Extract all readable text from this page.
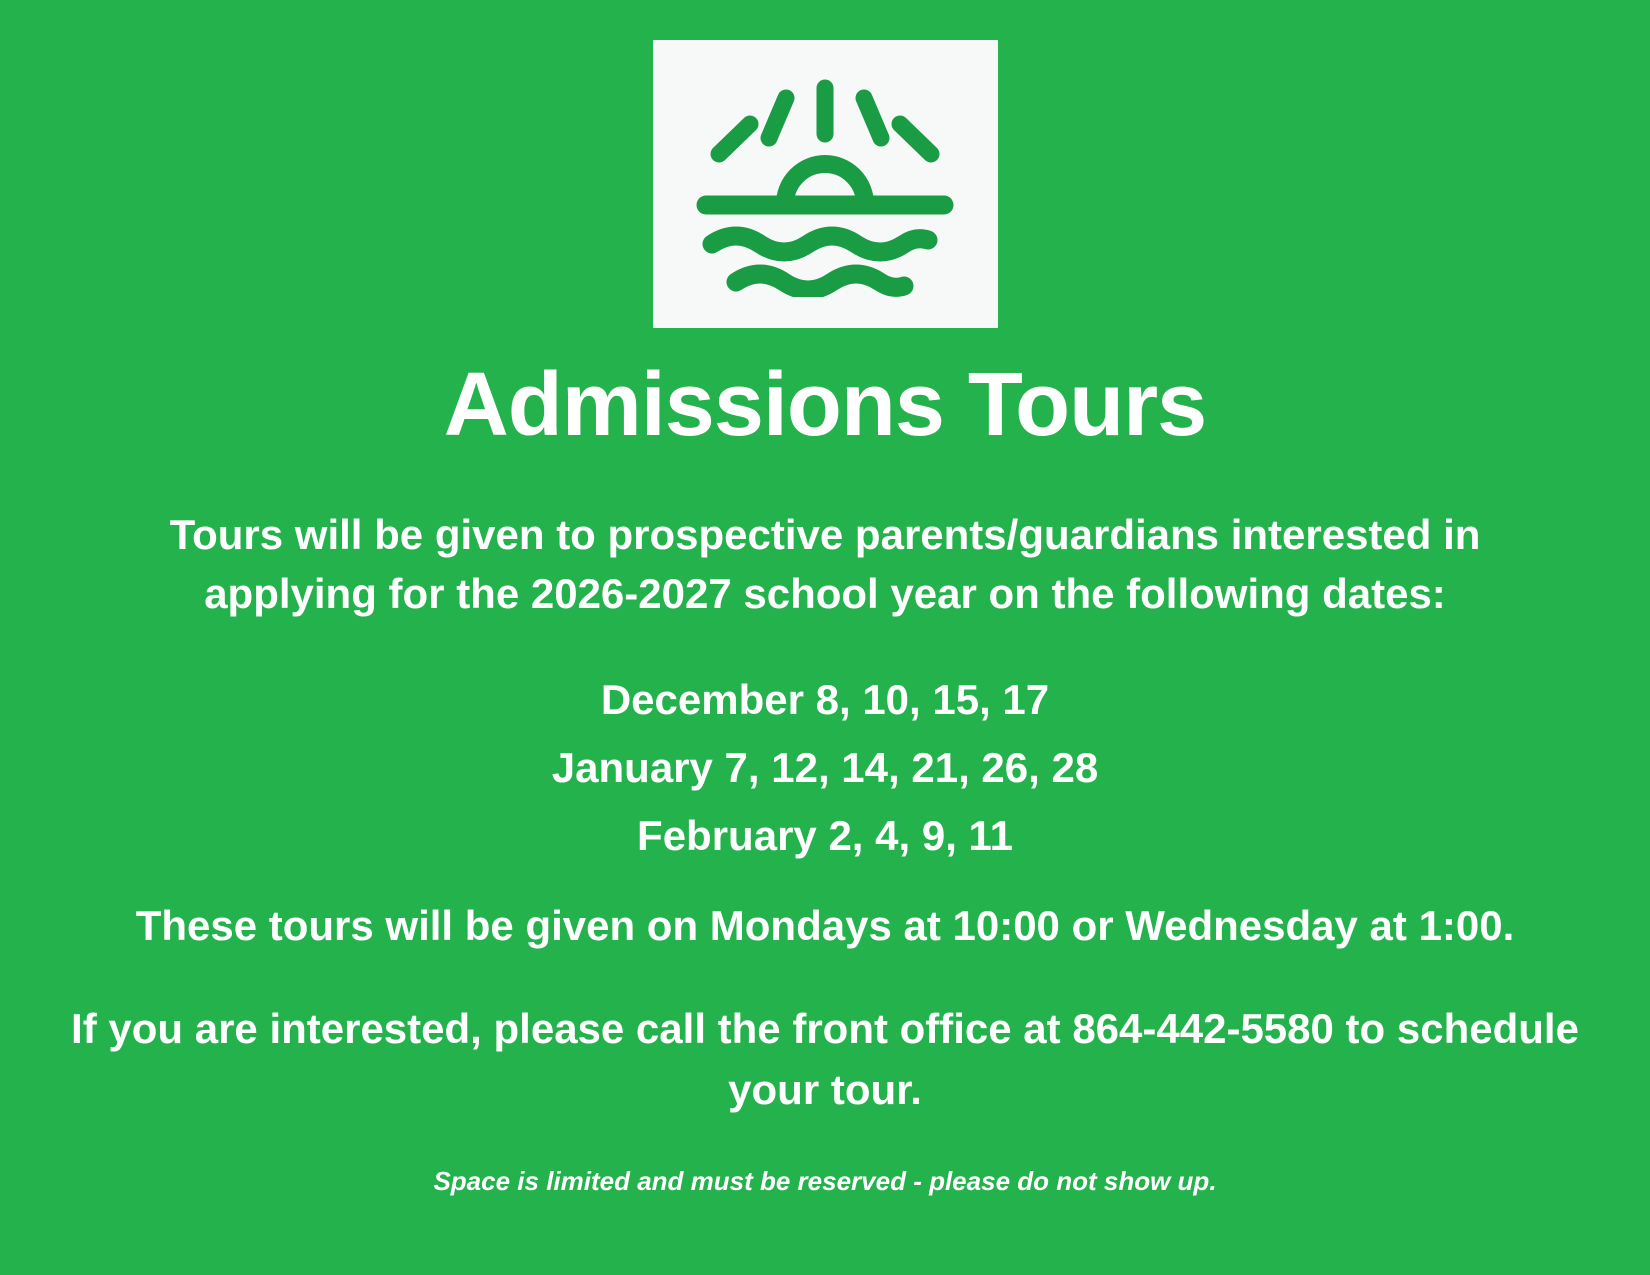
Admissions Tours

Tours will be given to prospective parents/guardians interested in applying for the 2026-2027 school year on the following dates:

December 8, 10, 15, 17
January 7, 12, 14, 21, 26, 28
February 2, 4, 9, 11

These tours will be given on Mondays at 10:00 or Wednesday at 1:00.

If you are interested, please call the front office at 864-442-5580 to schedule your tour.

Space is limited and must be reserved - please do not show up.
